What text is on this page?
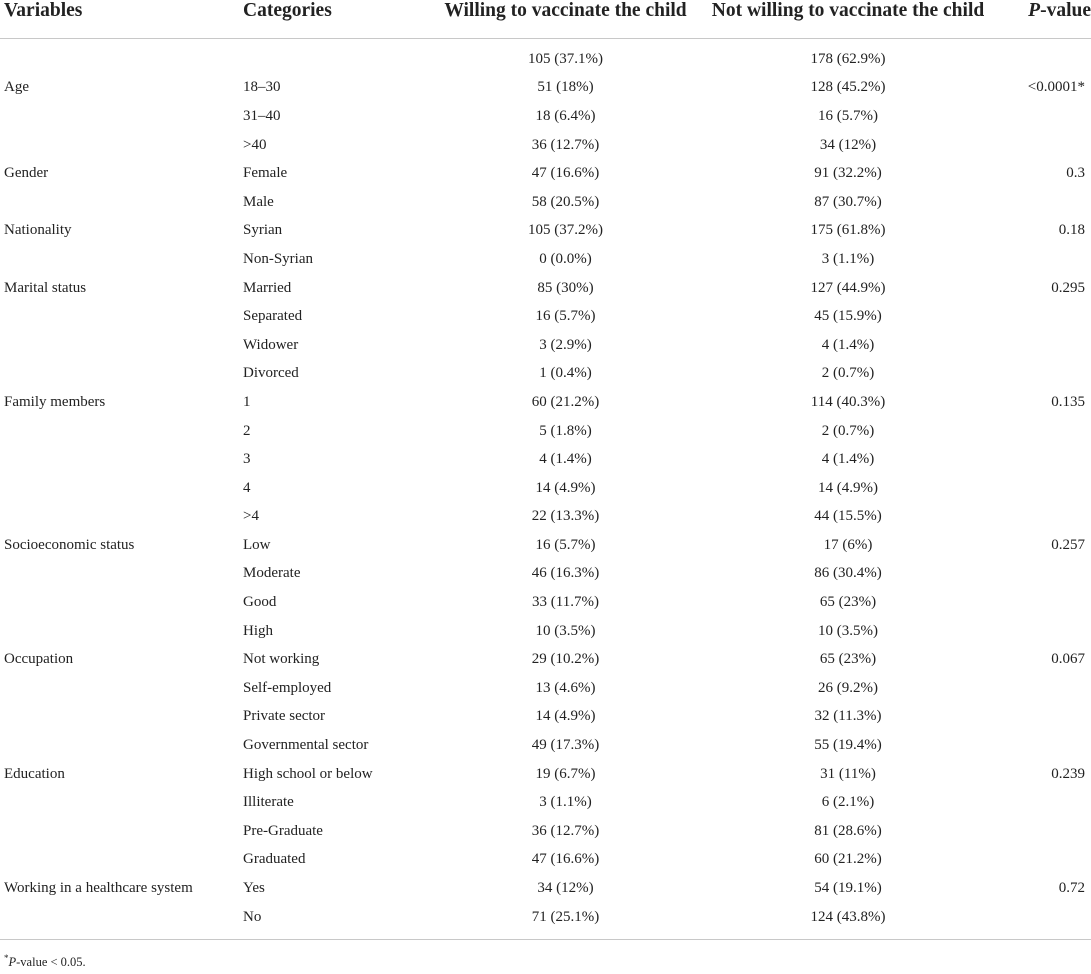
Variables	Categories	Willing to vaccinate the child	Not willing to vaccinate the child	P-value
		105 (37.1%)	178 (62.9%)	
Age	18–30	51 (18%)	128 (45.2%)	<0.0001*
	31–40	18 (6.4%)	16 (5.7%)	
	>40	36 (12.7%)	34 (12%)	
Gender	Female	47 (16.6%)	91 (32.2%)	0.3
	Male	58 (20.5%)	87 (30.7%)	
Nationality	Syrian	105 (37.2%)	175 (61.8%)	0.18
	Non-Syrian	0 (0.0%)	3 (1.1%)	
Marital status	Married	85 (30%)	127 (44.9%)	0.295
	Separated	16 (5.7%)	45 (15.9%)	
	Widower	3 (2.9%)	4 (1.4%)	
	Divorced	1 (0.4%)	2 (0.7%)	
Family members	1	60 (21.2%)	114 (40.3%)	0.135
	2	5 (1.8%)	2 (0.7%)	
	3	4 (1.4%)	4 (1.4%)	
	4	14 (4.9%)	14 (4.9%)	
	>4	22 (13.3%)	44 (15.5%)	
Socioeconomic status	Low	16 (5.7%)	17 (6%)	0.257
	Moderate	46 (16.3%)	86 (30.4%)	
	Good	33 (11.7%)	65 (23%)	
	High	10 (3.5%)	10 (3.5%)	
Occupation	Not working	29 (10.2%)	65 (23%)	0.067
	Self-employed	13 (4.6%)	26 (9.2%)	
	Private sector	14 (4.9%)	32 (11.3%)	
	Governmental sector	49 (17.3%)	55 (19.4%)	
Education	High school or below	19 (6.7%)	31 (11%)	0.239
	Illiterate	3 (1.1%)	6 (2.1%)	
	Pre-Graduate	36 (12.7%)	81 (28.6%)	
	Graduated	47 (16.6%)	60 (21.2%)	
Working in a healthcare system	Yes	34 (12%)	54 (19.1%)	0.72
	No	71 (25.1%)	124 (43.8%)	
*P-value < 0.05.
